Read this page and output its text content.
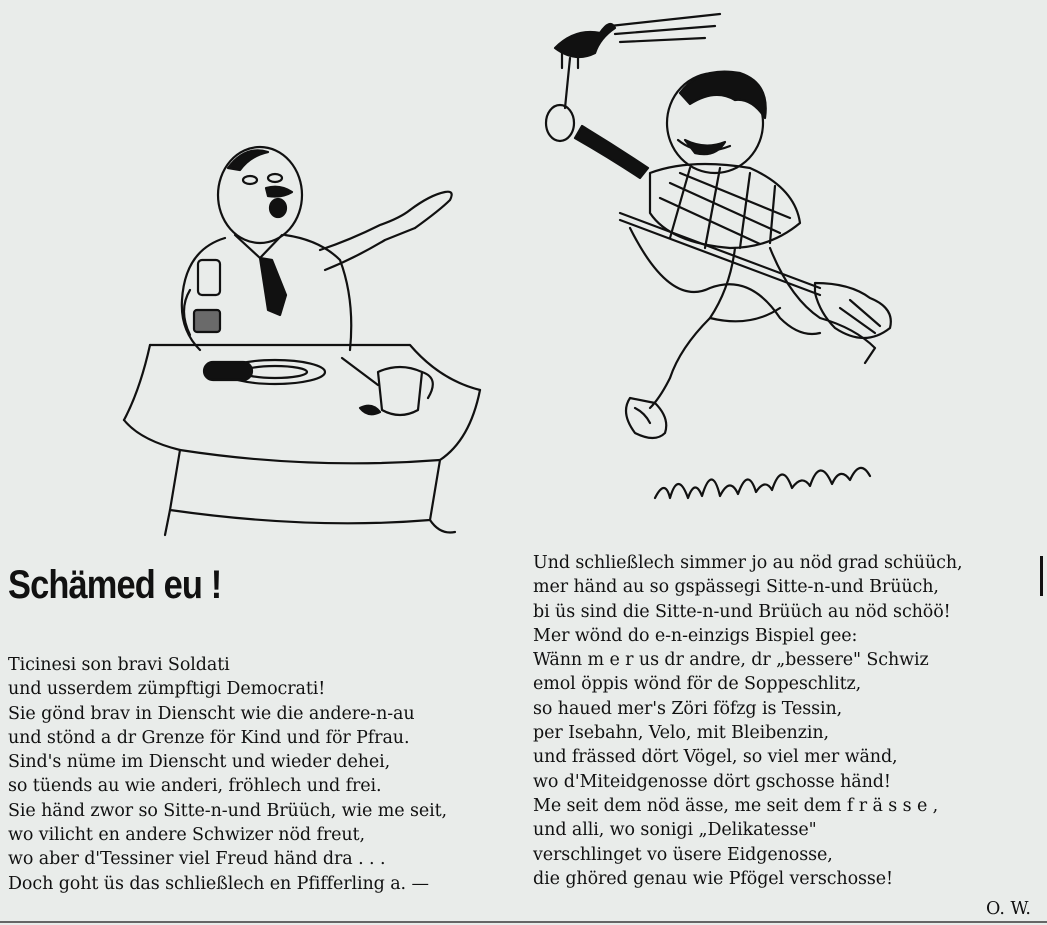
Schämed eu !
Ticinesi son bravi Soldati
und usserdem zümpftigi Democrati!
Sie gönd brav in Dienscht wie die andere-n-au
und stönd a dr Grenze för Kind und för Pfrau.
Sind's nüme im Dienscht und wieder dehei,
so tüends au wie anderi, fröhlech und frei.
Sie händ zwor so Sitte-n-und Brüüch, wie me seit,
wo vilicht en andere Schwizer nöd freut,
wo aber d'Tessiner viel Freud händ dra . . .
Doch goht üs das schließlech en Pfifferling a. —
Und schließlech simmer jo au nöd grad schüüch,
mer händ au so gspässegi Sitte-n-und Brüüch,
bi üs sind die Sitte-n-und Brüüch au nöd schöö!
Mer wönd do e-n-einzigs Bispiel gee:
Wänn m e r us dr andre, dr „bessere" Schwiz
emol öppis wönd för de Soppeschlitz,
so haued mer's Zöri föfzg is Tessin,
per Isebahn, Velo, mit Bleibenzin,
und frässed dört Vögel, so viel mer wänd,
wo d'Miteidgenosse dört gschosse händ!
Me seit dem nöd ässe, me seit dem f r ä s s e ,
und alli, wo sonigi „Delikatesse"
verschlinget vo üsere Eidgenosse,
die ghöred genau wie Pfögel verschosse!
O. W.
